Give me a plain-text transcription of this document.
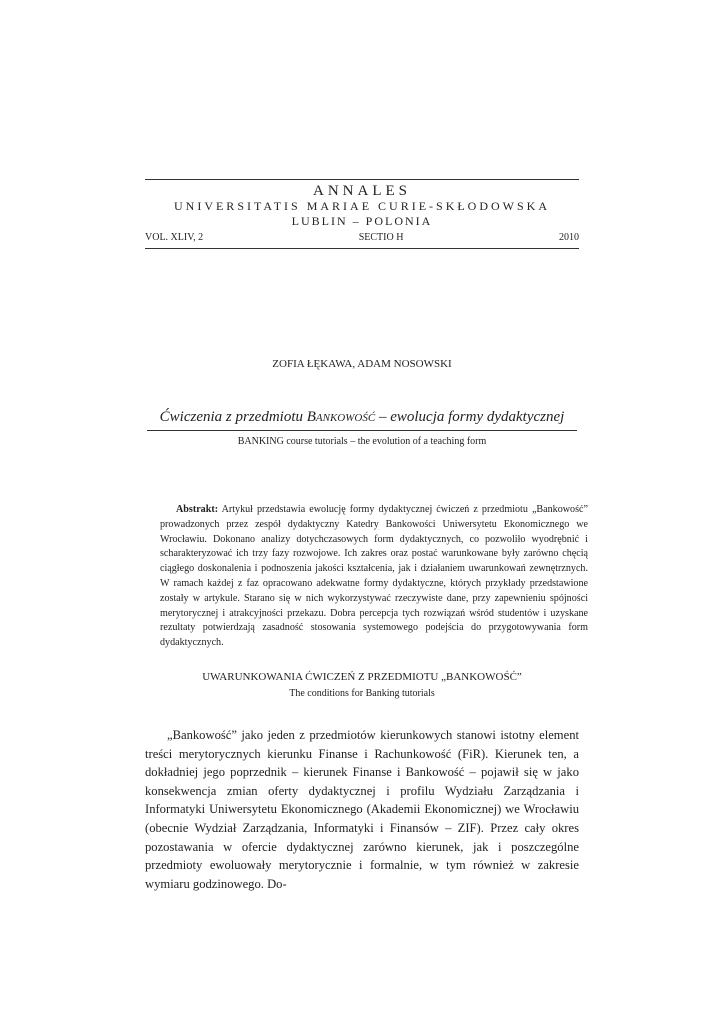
ANNALES
UNIVERSITATIS MARIAE CURIE-SKŁODOWSKA
LUBLIN – POLONIA
VOL. XLIV, 2	SECTIO H	2010
ZOFIA ŁĘKAWA, ADAM NOSOWSKI
Ćwiczenia z przedmiotu Bankowość – ewolucja formy dydaktycznej
BANKING course tutorials – the evolution of a teaching form
Abstrakt: Artykuł przedstawia ewolucję formy dydaktycznej ćwiczeń z przedmiotu „Bankowość” prowadzonych przez zespół dydaktyczny Katedry Bankowości Uniwersytetu Ekonomicznego we Wrocławiu. Dokonano analizy dotychczasowych form dydaktycznych, co pozwoliło wyodrębnić i scharakteryzować ich trzy fazy rozwojowe. Ich zakres oraz postać warunkowane były zarówno chęcią ciągłego doskonalenia i podnoszenia jakości kształcenia, jak i działaniem uwarunkowań zewnętrznych. W ramach każdej z faz opracowano adekwatne formy dydaktyczne, których przykłady przedstawione zostały w artykule. Starano się w nich wykorzystywać rzeczywiste dane, przy zapewnieniu spójności merytorycznej i atrakcyjności przekazu. Dobra percepcja tych rozwiązań wśród studentów i uzyskane rezultaty potwierdzają zasadność stosowania systemowego podejścia do przygotowywania form dydaktycznych.
UWARUNKOWANIA ĆWICZEŃ Z PRZEDMIOTU „BANKOWOŚĆ”
The conditions for Banking tutorials
„Bankowość” jako jeden z przedmiotów kierunkowych stanowi istotny element treści merytorycznych kierunku Finanse i Rachunkowość (FiR). Kierunek ten, a dokładniej jego poprzednik – kierunek Finanse i Bankowość – pojawił się w jako konsekwencja zmian oferty dydaktycznej i profilu Wydziału Zarządzania i Informatyki Uniwersytetu Ekonomicznego (Akademii Ekonomicznej) we Wrocławiu (obecnie Wydział Zarządzania, Informatyki i Finansów – ZIF). Przez cały okres pozostawania w ofercie dydaktycznej zarówno kierunek, jak i poszczególne przedmioty ewoluowały merytorycznie i formalnie, w tym również w zakresie wymiaru godzinowego. Do-
